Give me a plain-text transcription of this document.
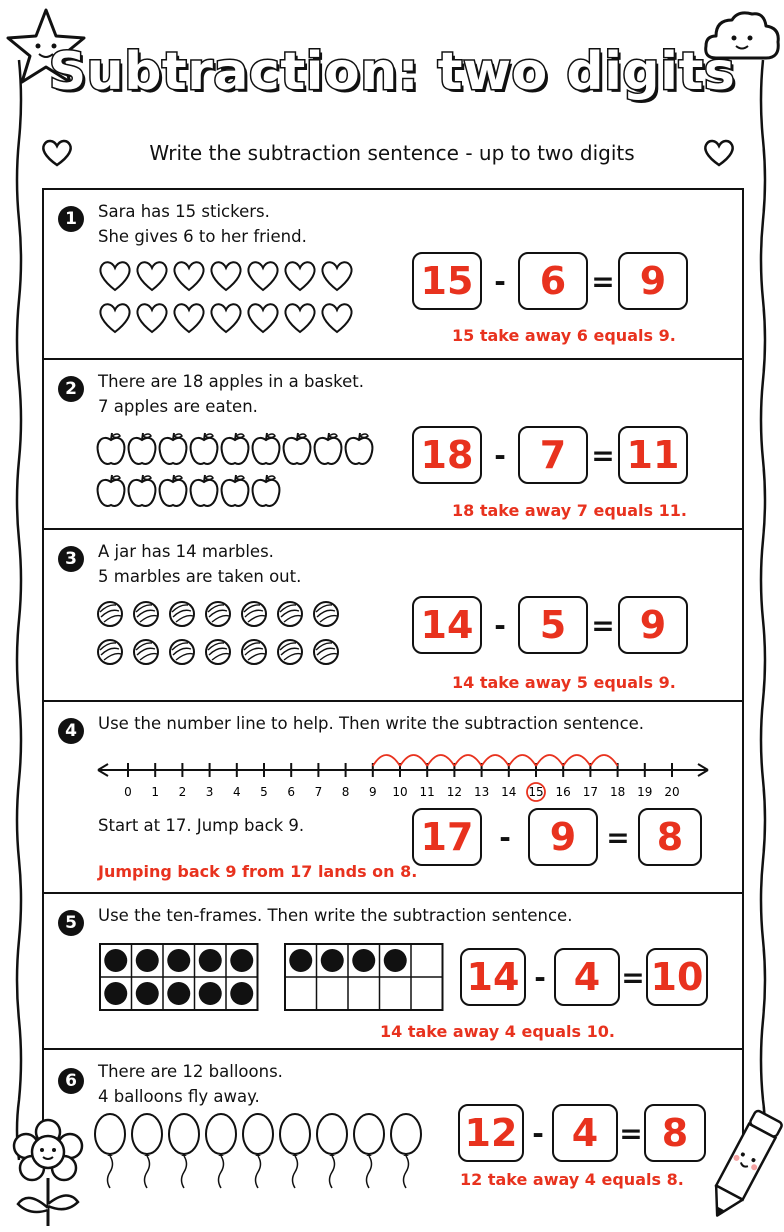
Subtraction: two digits
Write the subtraction sentence - up to two digits
1	Sara has 15 stickers.
She gives 6 to her friend.
15 - 6 = 9
15 take away 6 equals 9.
2	There are 18 apples in a basket.
7 apples are eaten.
18 - 7 = 11
18 take away 7 equals 11.
3	A jar has 14 marbles.
5 marbles are taken out.
14 - 5 = 9
14 take away 5 equals 9.
4	Use the number line to help. Then write the subtraction sentence.
0 1 2 3 4 5 6 7 8 9 10 11 12 13 14 15 16 17 18 19 20
Start at 17. Jump back 9.	17 -	9	= 8
Jumping back 9 from 17 lands on 8.
5	Use the ten-frames. Then write the subtraction sentence.
14 - 4 = 10
14 take away 4 equals 10.
6	There are 12 balloons.
4 balloons fly away.
12 - 4 = 8
12 take away 4 equals 8.
